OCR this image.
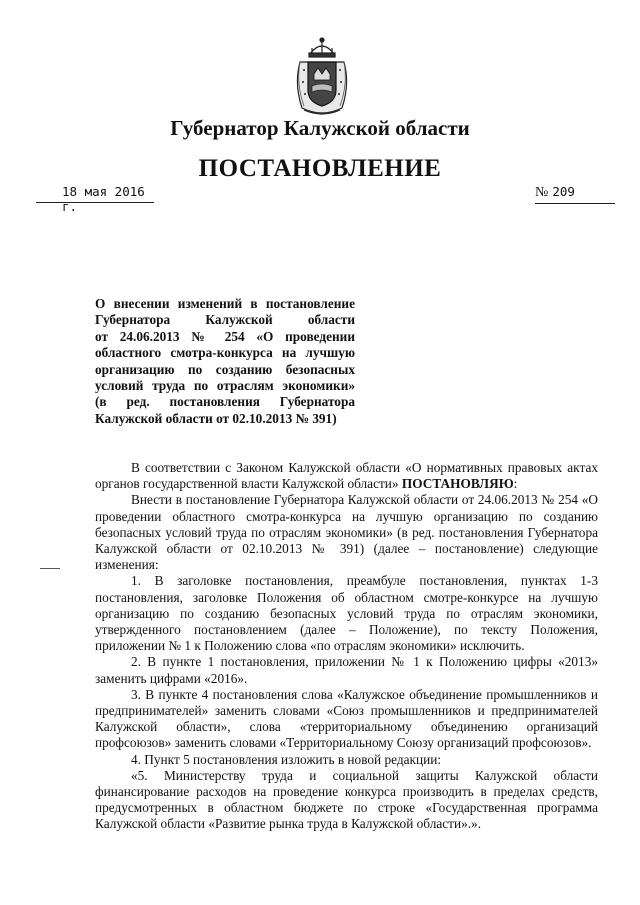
Губернатор Калужской области
ПОСТАНОВЛЕНИЕ
18 мая 2016 г.
№ 209

О внесении изменений в постановление

Губернатора Калужской области

от 24.06.2013 № 254 «О проведении

областного смотра-конкурса на лучшую

организацию по созданию безопасных

условий труда по отраслям экономики»

(в ред. постановления Губернатора

Калужской области от 02.10.2013 № 391)

В соответствии с Законом Калужской области «О нормативных правовых актах органов государственной власти Калужской области» ПОСТАНОВЛЯЮ:

Внести в постановление Губернатора Калужской области от 24.06.2013 № 254 «О проведении областного смотра-конкурса на лучшую организацию по созданию безопасных условий труда по отраслям экономики» (в ред. постановления Губернатора Калужской области от 02.10.2013 № 391) (далее – постановление) следующие изменения:

1. В заголовке постановления, преамбуле постановления, пунктах 1-3 постановления, заголовке Положения об областном смотре-конкурсе на лучшую организацию по созданию безопасных условий труда по отраслям экономики, утвержденного постановлением (далее – Положение), по тексту Положения, приложении № 1 к Положению слова «по отраслям экономики» исключить.

2. В пункте 1 постановления, приложении № 1 к Положению цифры «2013» заменить цифрами «2016».

3. В пункте 4 постановления слова «Калужское объединение промышленников и предпринимателей» заменить словами «Союз промышленников и предпринимателей Калужской области», слова «территориальному объединению организаций профсоюзов» заменить словами «Территориальному Союзу организаций профсоюзов».

4. Пункт 5 постановления изложить в новой редакции:

«5. Министерству труда и социальной защиты Калужской области финансирование расходов на проведение конкурса производить в пределах средств, предусмотренных в областном бюджете по строке «Государственная программа Калужской области «Развитие рынка труда в Калужской области».».
